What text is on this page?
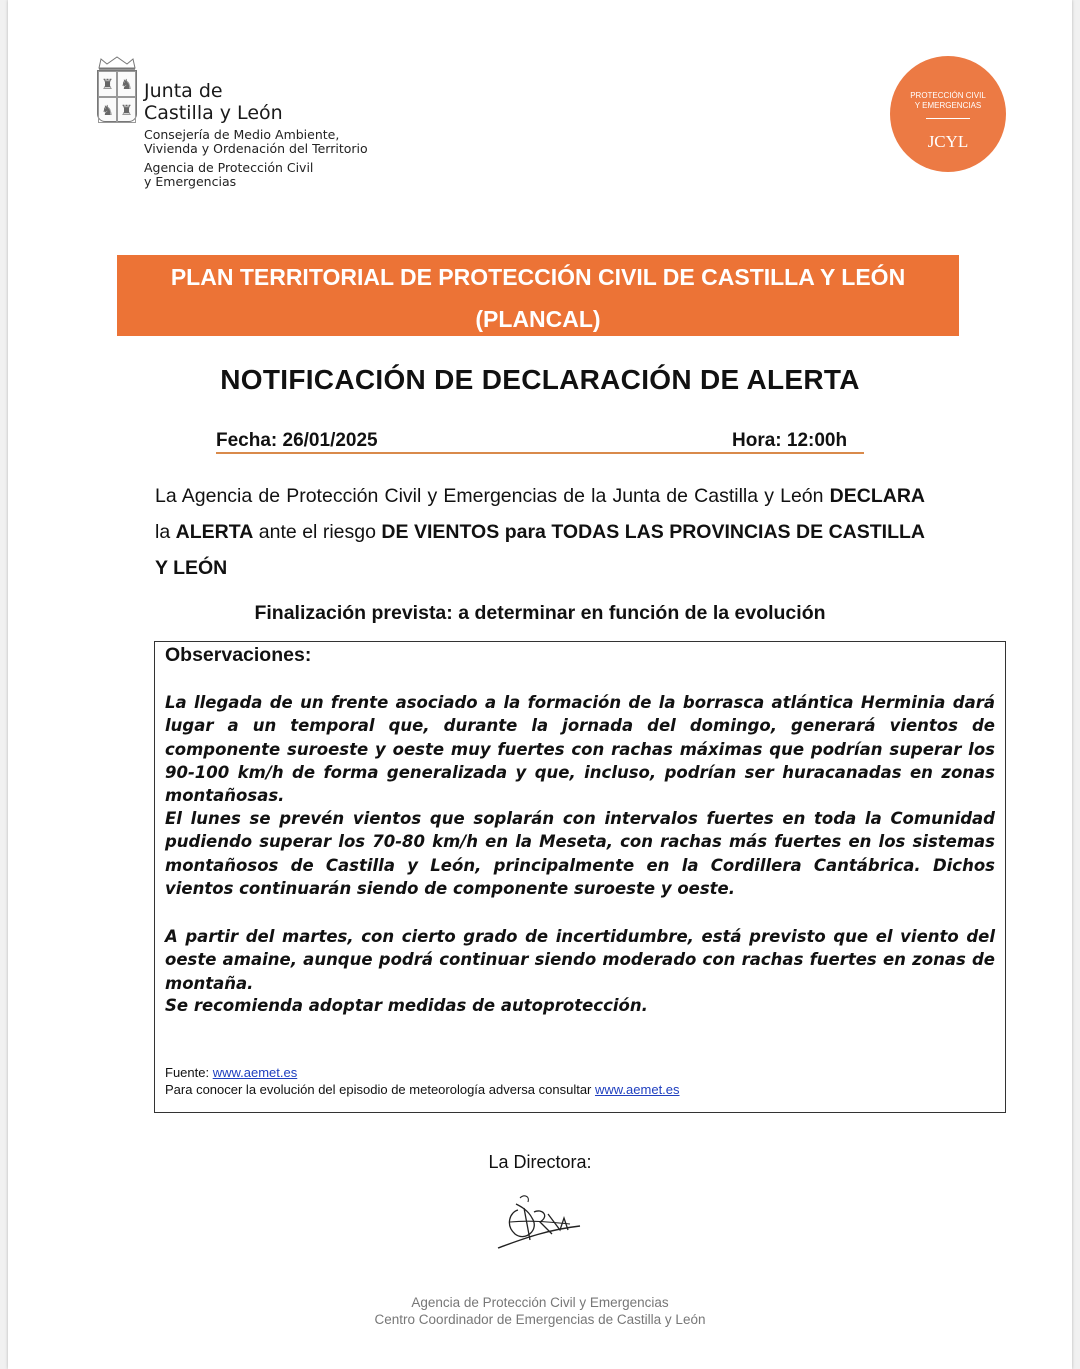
♜ ♞
♞ ♜
Junta de
Castilla y León
Consejería de Medio Ambiente,
Vivienda y Ordenación del Territorio
Agencia de Protección Civil
y Emergencias
PROTECCIÓN CIVIL
Y EMERGENCIAS
JCYL
PLAN TERRITORIAL DE PROTECCIÓN CIVIL DE CASTILLA Y LEÓN
(PLANCAL)
NOTIFICACIÓN DE DECLARACIÓN DE ALERTA
Fecha: 26/01/2025	Hora: 12:00h
La Agencia de Protección Civil y Emergencias de la Junta de Castilla y León DECLARA la ALERTA ante el riesgo DE VIENTOS para TODAS LAS PROVINCIAS DE CASTILLA Y LEÓN
Finalización prevista: a determinar en función de la evolución
Observaciones:
La llegada de un frente asociado a la formación de la borrasca atlántica Herminia dará lugar a un temporal que, durante la jornada del domingo, generará vientos de componente suroeste y oeste muy fuertes con rachas máximas que podrían superar los 90-100 km/h de forma generalizada y que, incluso, podrían ser huracanadas en zonas montañosas.
El lunes se prevén vientos que soplarán con intervalos fuertes en toda la Comunidad pudiendo superar los 70-80 km/h en la Meseta, con rachas más fuertes en los sistemas montañosos de Castilla y León, principalmente en la Cordillera Cantábrica. Dichos vientos continuarán siendo de componente suroeste y oeste.
A partir del martes, con cierto grado de incertidumbre, está previsto que el viento del oeste amaine, aunque podrá continuar siendo moderado con rachas fuertes en zonas de montaña.
Se recomienda adoptar medidas de autoprotección.
Fuente: www.aemet.es
Para conocer la evolución del episodio de meteorología adversa consultar www.aemet.es
La Directora:
Agencia de Protección Civil y Emergencias
Centro Coordinador de Emergencias de Castilla y León
